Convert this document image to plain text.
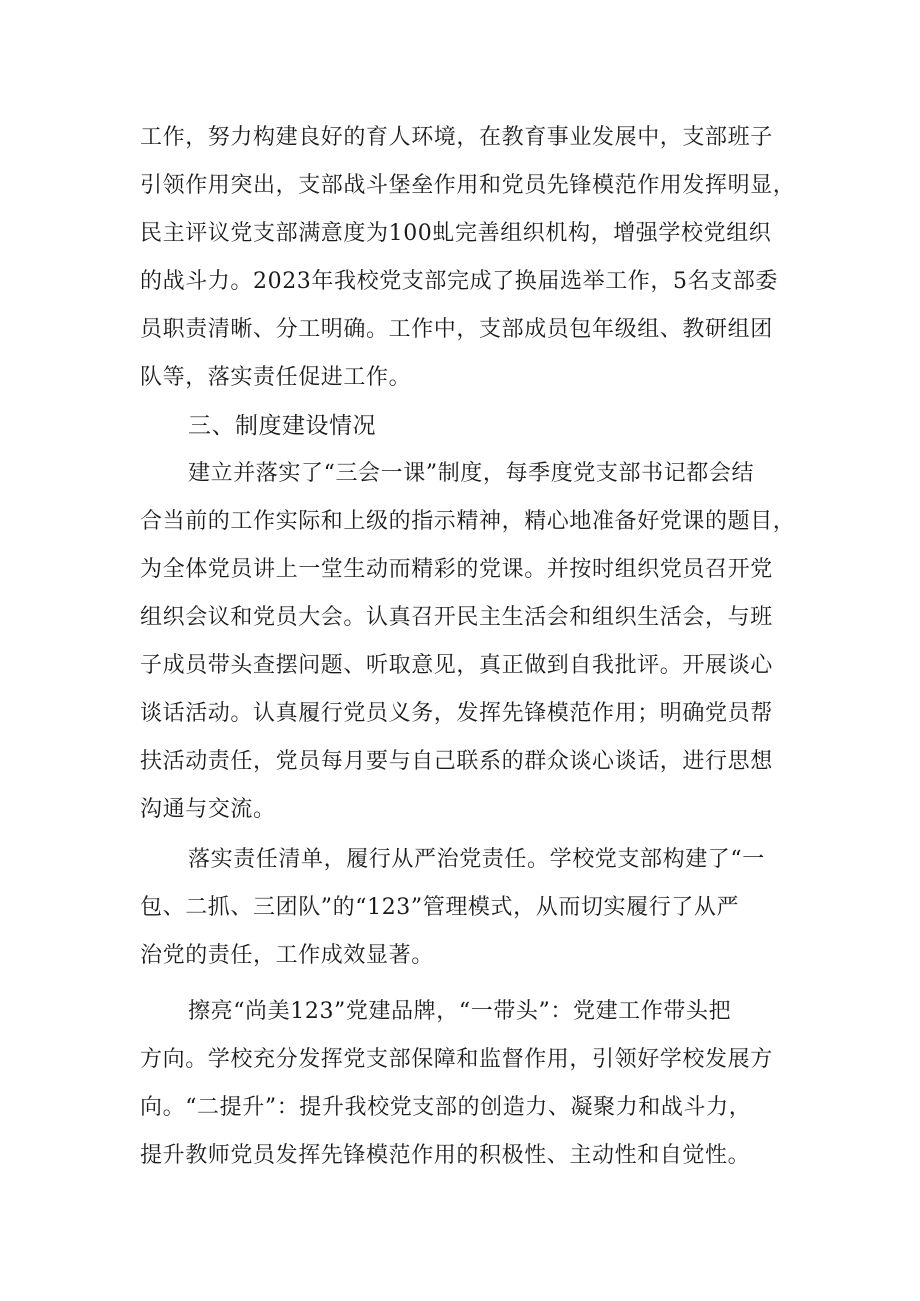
工作，努力构建良好的育人环境，在教育事业发展中，支部班子
引领作用突出，支部战斗堡垒作用和党员先锋模范作用发挥明显，
民主评议党支部满意度为100虬完善组织机构，增强学校党组织
的战斗力。2023年我校党支部完成了换届选举工作，5名支部委
员职责清晰、分工明确。工作中，支部成员包年级组、教研组团
队等，落实责任促进工作。
三、制度建设情况
建立并落实了“三会一课”制度，每季度党支部书记都会结
合当前的工作实际和上级的指示精神，精心地准备好党课的题目，
为全体党员讲上一堂生动而精彩的党课。并按时组织党员召开党
组织会议和党员大会。认真召开民主生活会和组织生活会，与班
子成员带头查摆问题、听取意见，真正做到自我批评。开展谈心
谈话活动。认真履行党员义务，发挥先锋模范作用；明确党员帮
扶活动责任，党员每月要与自己联系的群众谈心谈话，进行思想
沟通与交流。
落实责任清单，履行从严治党责任。学校党支部构建了“一
包、二抓、三团队”的“123”管理模式，从而切实履行了从严
治党的责任，工作成效显著。
擦亮“尚美123”党建品牌，“一带头”：党建工作带头把
方向。学校充分发挥党支部保障和监督作用，引领好学校发展方
向。“二提升”：提升我校党支部的创造力、凝聚力和战斗力，
提升教师党员发挥先锋模范作用的积极性、主动性和自觉性。
